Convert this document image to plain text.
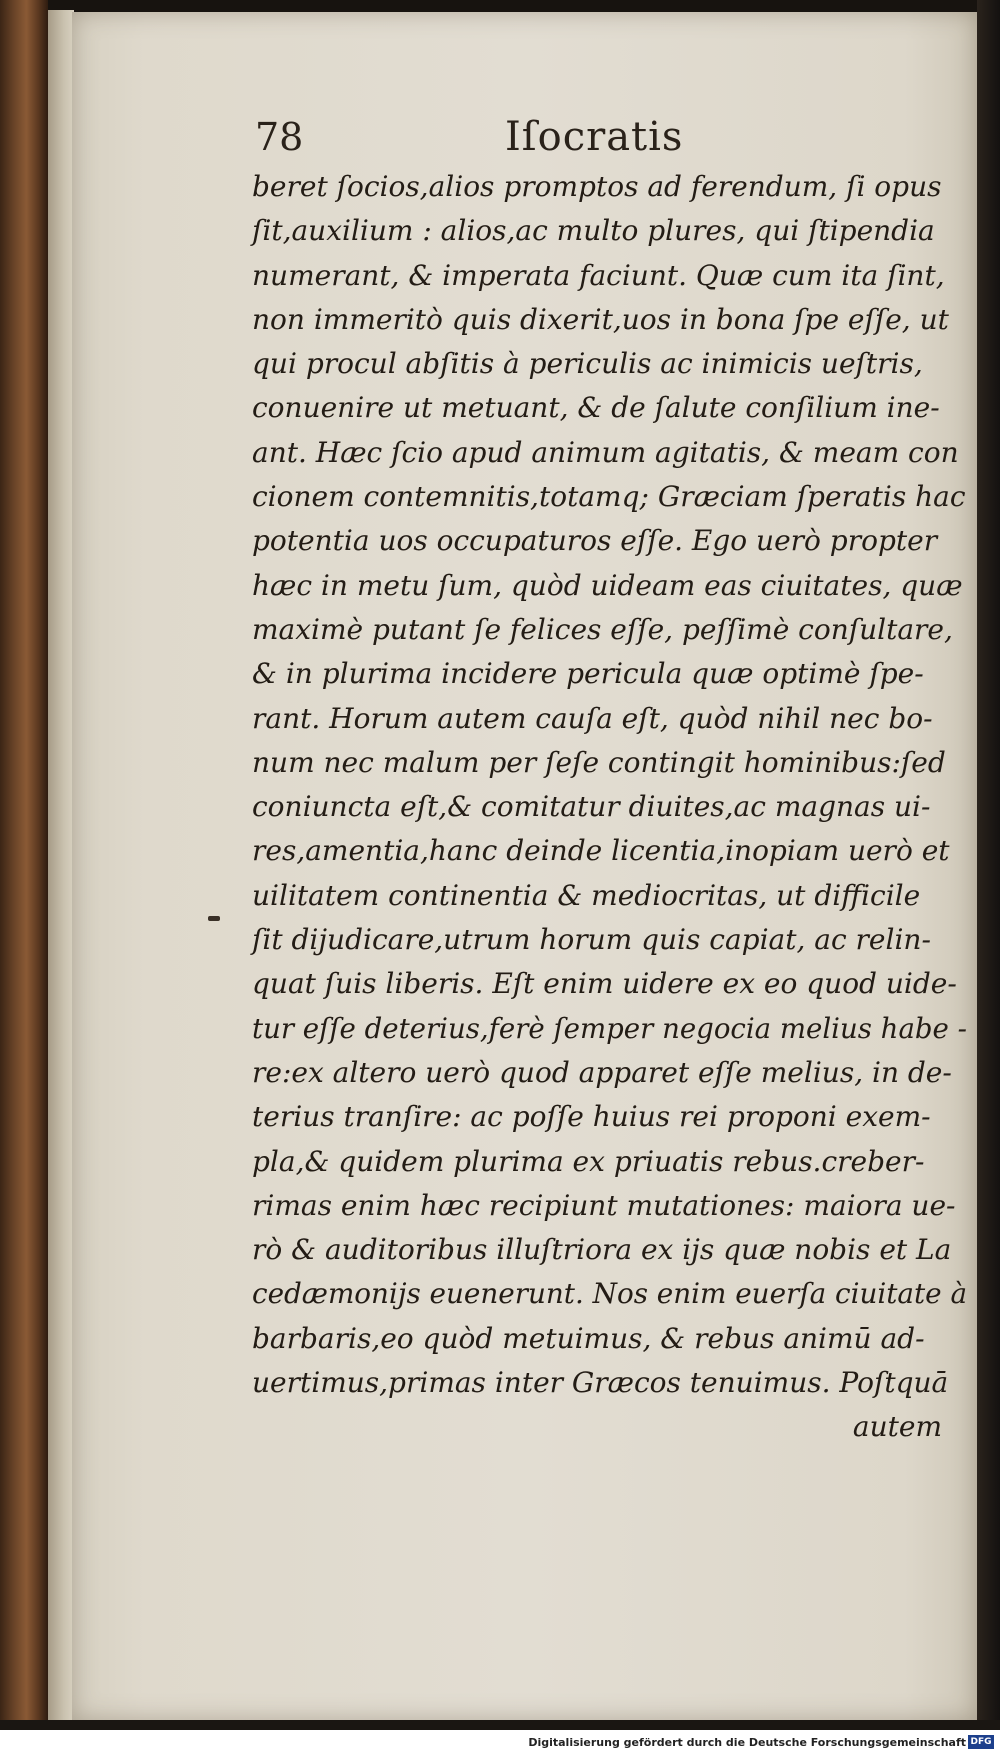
78	Iſocratis
beret ſocios,alios promptos ad ferendum, ſi opus
ſit,auxilium : alios,ac multo plures, qui ſtipendia
numerant, & imperata faciunt. Quæ cum ita ſint,
non immeritò quis dixerit,uos in bona ſpe eſſe, ut
qui procul abſitis à periculis ac inimicis ueſtris,
conuenire ut metuant, & de ſalute conſilium ine-
ant. Hæc ſcio apud animum agitatis, & meam con
cionem contemnitis,totamq; Græciam ſperatis hac
potentia uos occupaturos eſſe. Ego uerò propter
hæc in metu ſum, quòd uideam eas ciuitates, quæ
maximè putant ſe felices eſſe, peſſimè conſultare,
& in plurima incidere pericula quæ optimè ſpe-
rant. Horum autem cauſa eſt, quòd nihil nec bo-
num nec malum per ſeſe contingit hominibus:ſed
coniuncta eſt,& comitatur diuites,ac magnas ui-
res,amentia,hanc deinde licentia,inopiam uerò et
uilitatem continentia & mediocritas, ut difficile
ſit dijudicare,utrum horum quis capiat, ac relin-
quat ſuis liberis. Eſt enim uidere ex eo quod uide-
tur eſſe deterius,ferè ſemper negocia melius habe -
re:ex altero uerò quod apparet eſſe melius, in de-
terius tranſire: ac poſſe huius rei proponi exem-
pla,& quidem plurima ex priuatis rebus.creber-
rimas enim hæc recipiunt mutationes: maiora ue-
rò & auditoribus illuſtriora ex ijs quæ nobis et La
cedæmonijs euenerunt. Nos enim euerſa ciuitate à
barbaris,eo quòd metuimus, & rebus animū ad-
uertimus,primas inter Græcos tenuimus. Poſtquā
autem
Digitalisierung gefördert durch die Deutsche Forschungsgemeinschaft DFG
